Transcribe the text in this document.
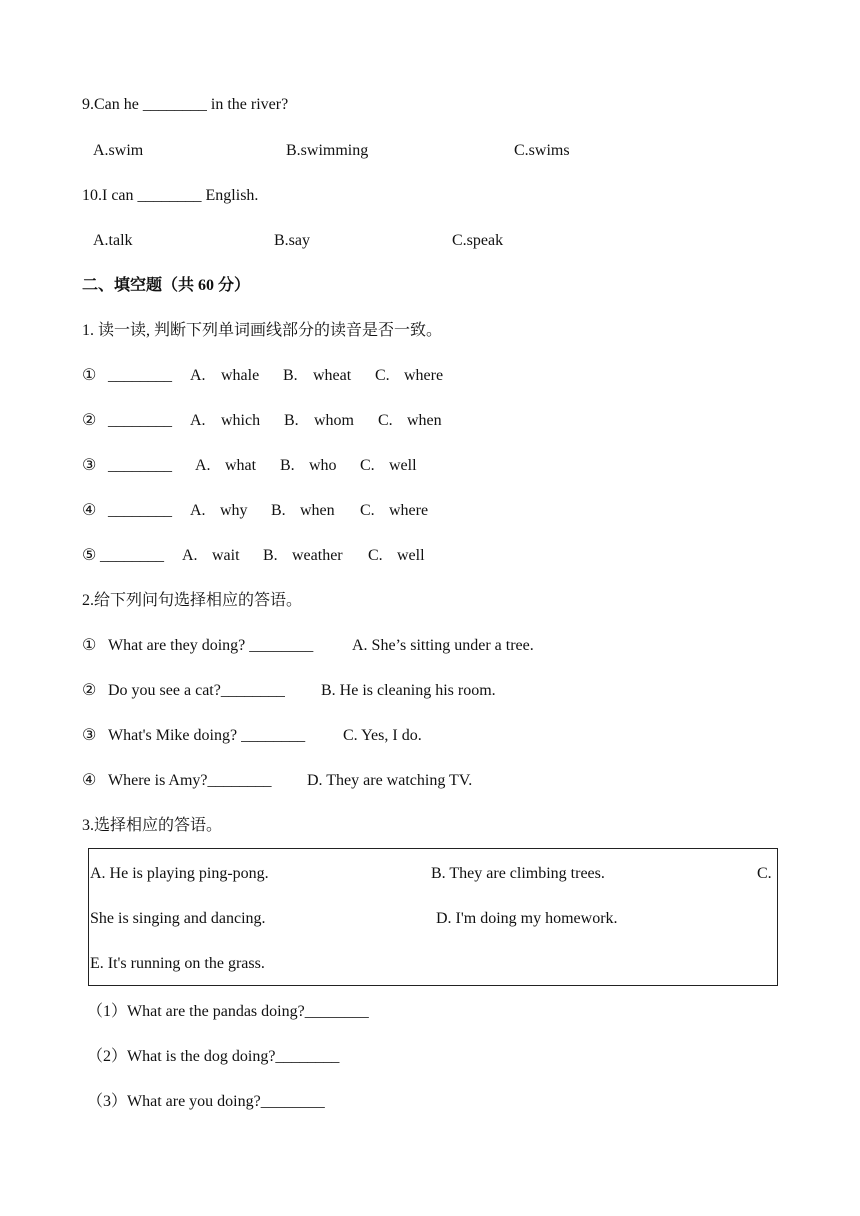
9.Can he ________ in the river?
A.swim	B.swimming	C.swims
10.I can ________ English.
A.talk	B.say	C.speak
二、填空题（共 60 分）
1. 读一读, 判断下列单词画线部分的读音是否一致。
① ________ A. whale B. wheat C. where
② ________ A. which B. whom C. when
③ ________ A. what B. who C. well
④ ________ A. why B. when C. where
⑤ ________ A. wait B. weather C. well
2.给下列问句选择相应的答语。
① What are they doing? ________ A. She’s sitting under a tree.
② Do you see a cat?________ B. He is cleaning his room.
③ What's Mike doing? ________ C. Yes, I do.
④ Where is Amy?________ D. They are watching TV.
3.选择相应的答语。
A. He is playing ping-pong.	B. They are climbing trees.	C.
She is singing and dancing.	D. I'm doing my homework.
E. It's running on the grass.
（1）What are the pandas doing?________
（2）What is the dog doing?________
（3）What are you doing?________
